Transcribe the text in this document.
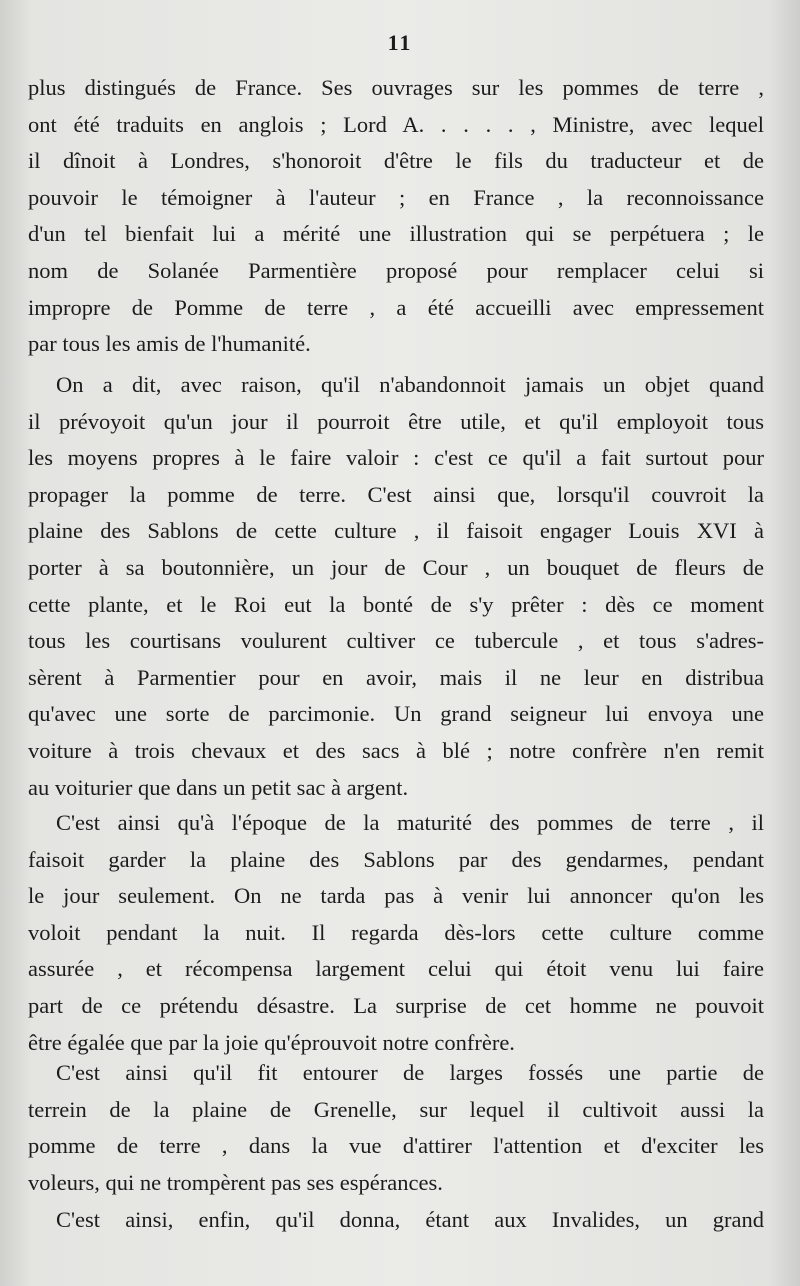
11
plus distingués de France. Ses ouvrages sur les pommes de terre ,
ont été traduits en anglois ; Lord A. . . . . , Ministre, avec lequel
il dînoit à Londres, s'honoroit d'être le fils du traducteur et de
pouvoir le témoigner à l'auteur ; en France , la reconnoissance
d'un tel bienfait lui a mérité une illustration qui se perpétuera ; le
nom de Solanée Parmentière proposé pour remplacer celui si
impropre de Pomme de terre , a été accueilli avec empressement
par tous les amis de l'humanité.
On a dit, avec raison, qu'il n'abandonnoit jamais un objet quand
il prévoyoit qu'un jour il pourroit être utile, et qu'il employoit tous
les moyens propres à le faire valoir : c'est ce qu'il a fait surtout pour
propager la pomme de terre. C'est ainsi que, lorsqu'il couvroit la
plaine des Sablons de cette culture , il faisoit engager Louis XVI à
porter à sa boutonnière, un jour de Cour , un bouquet de fleurs de
cette plante, et le Roi eut la bonté de s'y prêter : dès ce moment
tous les courtisans voulurent cultiver ce tubercule , et tous s'adres-
sèrent à Parmentier pour en avoir, mais il ne leur en distribua
qu'avec une sorte de parcimonie. Un grand seigneur lui envoya une
voiture à trois chevaux et des sacs à blé ; notre confrère n'en remit
au voiturier que dans un petit sac à argent.
C'est ainsi qu'à l'époque de la maturité des pommes de terre , il
faisoit garder la plaine des Sablons par des gendarmes, pendant
le jour seulement. On ne tarda pas à venir lui annoncer qu'on les
voloit pendant la nuit. Il regarda dès-lors cette culture comme
assurée , et récompensa largement celui qui étoit venu lui faire
part de ce prétendu désastre. La surprise de cet homme ne pouvoit
être égalée que par la joie qu'éprouvoit notre confrère.
C'est ainsi qu'il fit entourer de larges fossés une partie de
terrein de la plaine de Grenelle, sur lequel il cultivoit aussi la
pomme de terre , dans la vue d'attirer l'attention et d'exciter les
voleurs, qui ne trompèrent pas ses espérances.
C'est ainsi, enfin, qu'il donna, étant aux Invalides, un grand
